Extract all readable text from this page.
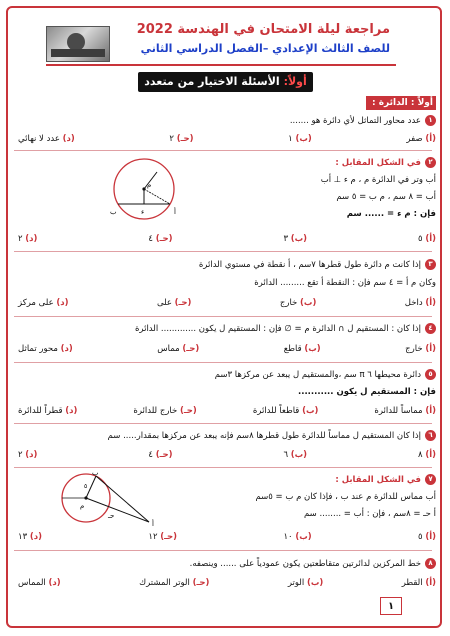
مراجعة ليلة الامتحان في الهندسة 2022
للصف الثالث الإعدادي –الفصل الدراسي الثاني
أولاً: الأسئلة الاختيار من متعدد
أولاً : الدائرة :
١عدد محاور التماثل لأي دائرة هو .......
(أ) صفر
(ب) ١
(حـ) ٢
(د) عدد لا نهائي
٢في الشكل المقابل :
أب وتر في الدائرة م ، م ء ⊥ أب
أب = ٨ سم ، م ب = ٥ سم
فإن : م ء = ...... سم
م
ب	أ
ء
(أ) ٥
(ب) ٣
(حـ) ٤
(د) ٢
٣إذا كانت م دائرة طول قطرها ٧سم ، أ نقطة في مستوي الدائرة
وكان م أ = ٤ سم فإن : النقطة أ تقع ......... الدائرة
(أ) داخل
(ب) خارج
(حـ) على
(د) على مركز
٤إذا كان : المستقيم ل ∩ الدائرة م = ∅ فإن : المستقيم ل يكون ............. الدائرة
(أ) خارج
(ب) قاطع
(حـ) مماس
(د) محور تماثل
٥دائرة محيطها ٦ π سم ،والمستقيم ل يبعد عن مركزها ٣سم
فإن : المستقيم ل يكون ...........
(أ) مماساً للدائرة
(ب) قاطعاً للدائرة
(حـ) خارج للدائرة
(د) قطراً للدائرة
٦إذا كان المستقيم ل مماساً للدائرة طول قطرها ٨سم فإنه يبعد عن مركزها بمقدار..... سم
(أ) ٨
(ب) ٦
(حـ) ٤
(د) ٢
٧في الشكل المقابل :
أب مماس للدائرة م عند ب ، فإذا كان م ب = ٥سم
أ حـ = ٨سم ، فإن : أب = ........ سم
م
ب
أ
حـ
٥
(أ) ٥
(ب) ١٠
(حـ) ١٢
(د) ١٣
٨خط المركزين لدائرتين متقاطعتين يكون عمودياً على ...... وينصفه.
(أ) القطر
(ب) الوتر
(حـ) الوتر المشترك
(د) المماس
١
